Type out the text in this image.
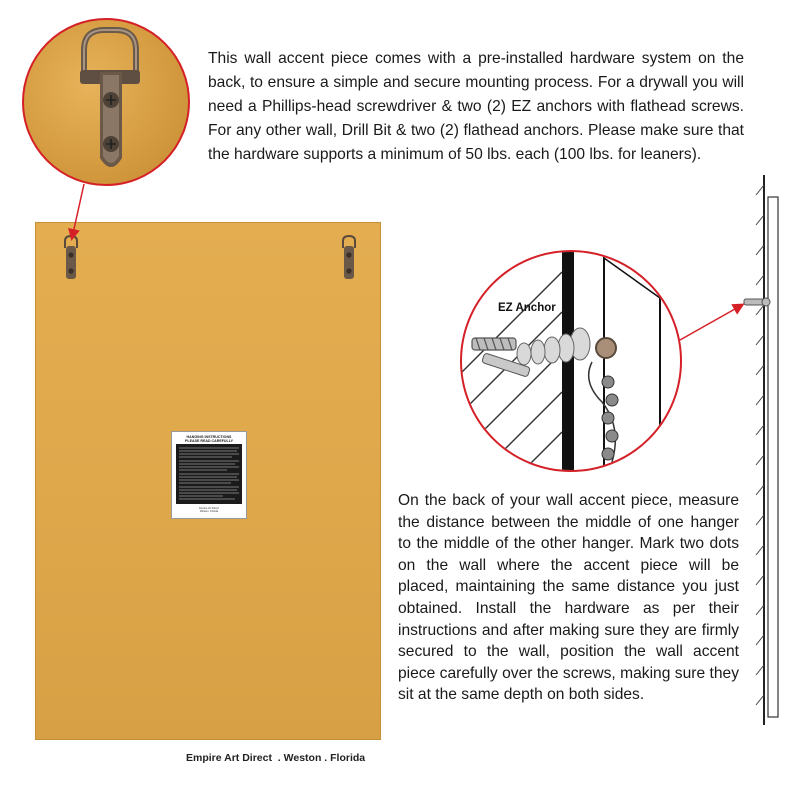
This wall accent piece comes with a pre-installed hardware system on the back, to ensure a simple and secure mounting process. For a drywall you will need a Phillips-head screwdriver & two (2) EZ anchors with flathead screws. For any other wall, Drill Bit & two (2) flathead anchors. Please make sure that the hardware supports a minimum of 50 lbs. each (100 lbs. for leaners).
HANGING INSTRUCTIONS
PLEASE READ CAREFULLY
Empire Art Direct
Weston, Florida
Empire Art Direct  . Weston . Florida
EZ Anchor
On the back of your wall accent piece, measure the distance between the middle of one hanger to the middle of the other hanger. Mark two dots on the wall where the accent piece will be placed, maintaining the same distance you just obtained. Install the hardware as per their instructions and after making sure they are firmly secured to the wall, position the wall accent piece carefully over the screws, making sure they sit at the same depth on both sides.
